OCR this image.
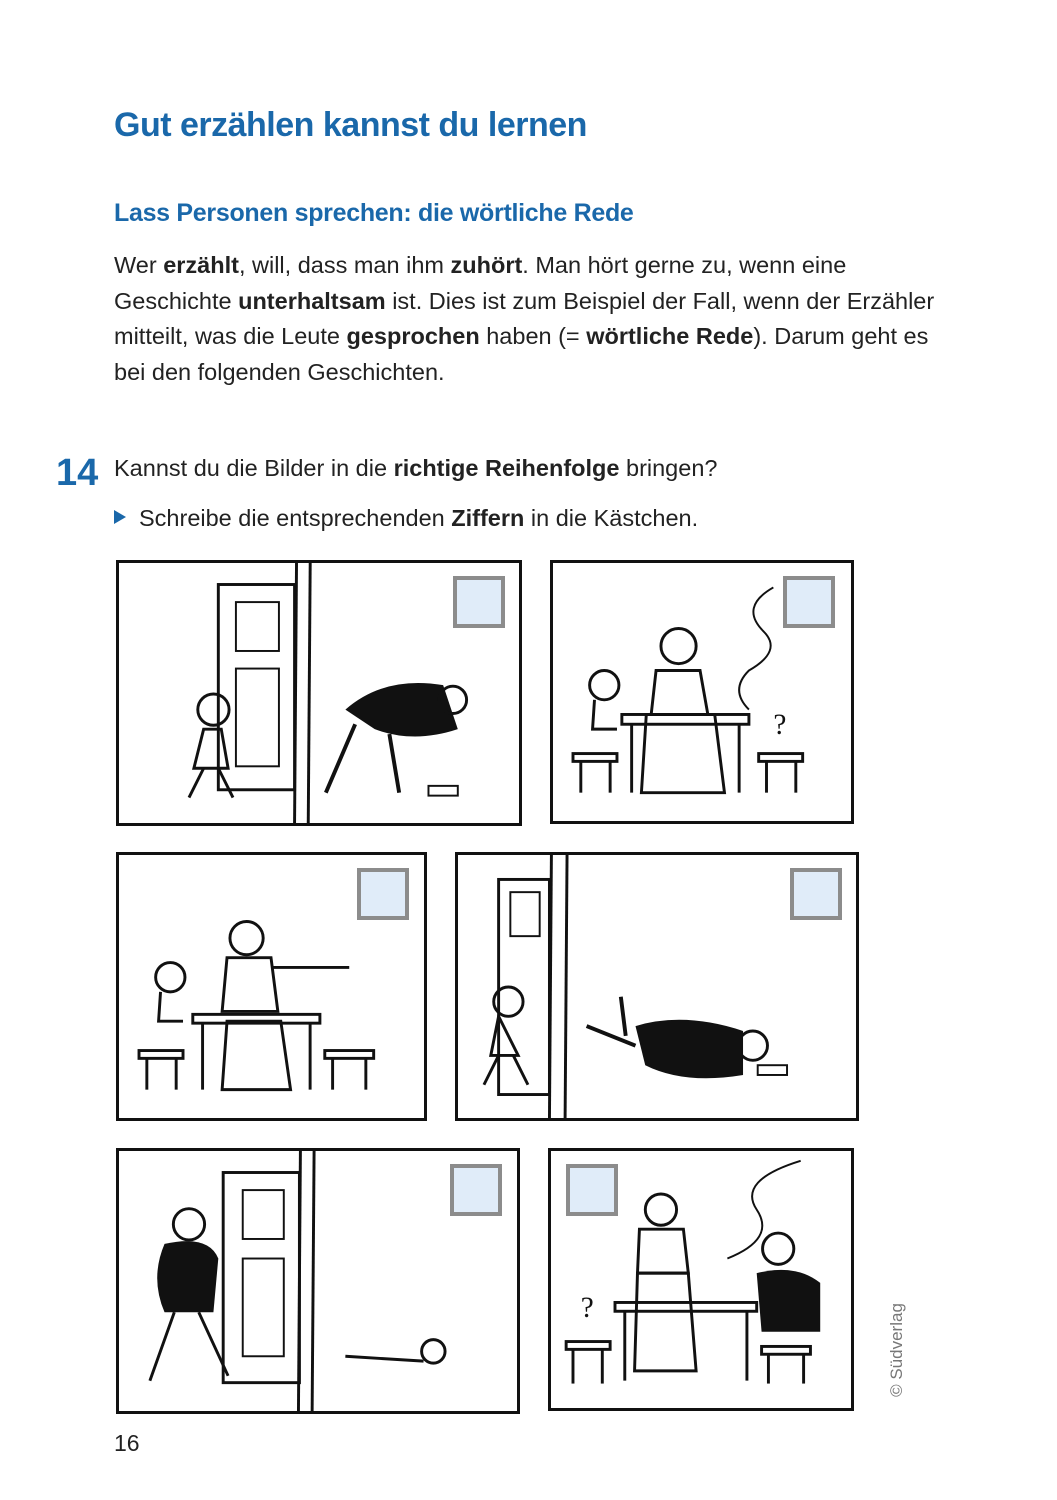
Gut erzählen kannst du lernen
Lass Personen sprechen: die wörtliche Rede
Wer erzählt, will, dass man ihm zuhört. Man hört gerne zu, wenn eine Geschichte unterhaltsam ist. Dies ist zum Beispiel der Fall, wenn der Erzähler mitteilt, was die Leute gesprochen haben (= wörtliche Rede). Darum geht es bei den folgenden Geschichten.
14 Kannst du die Bilder in die richtige Reihenfolge bringen?
Schreibe die entsprechenden Ziffern in die Kästchen.
?
?	© Südverlag
16
